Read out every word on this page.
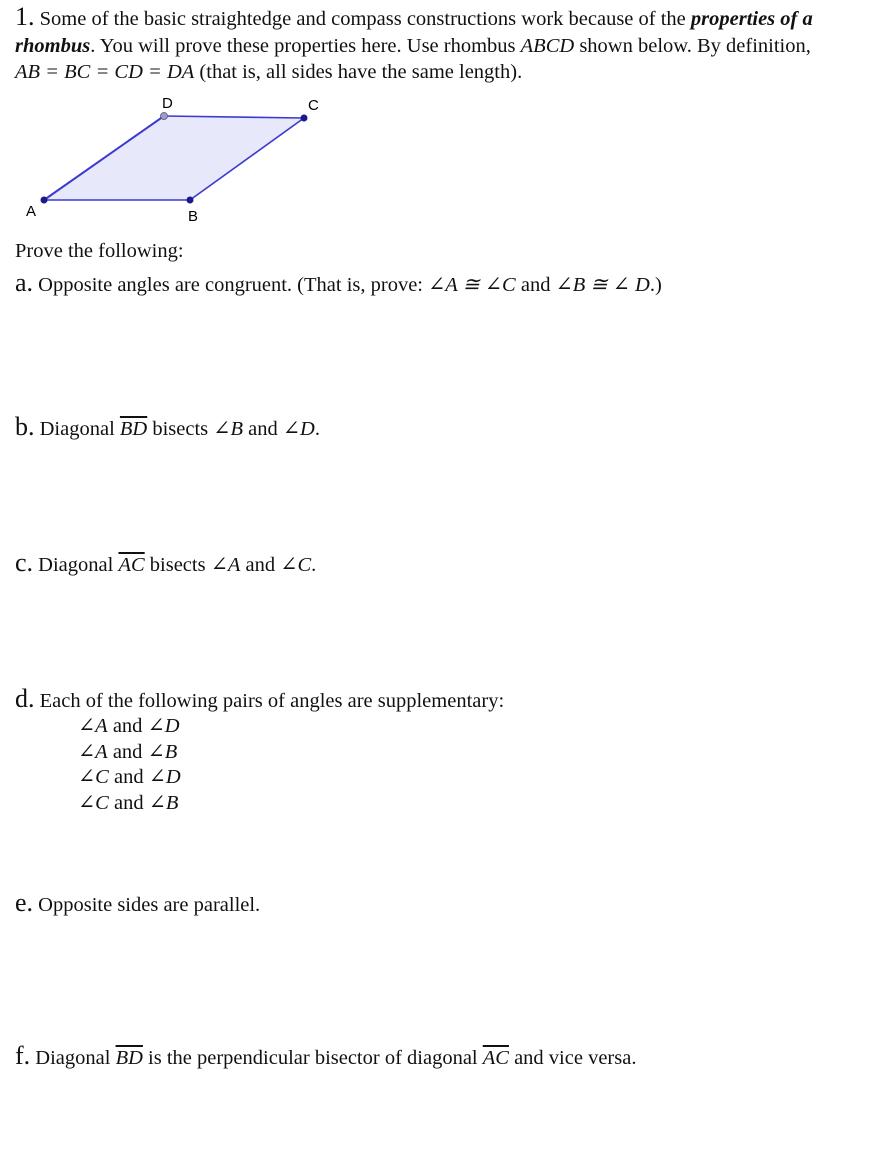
1. Some of the basic straightedge and compass constructions work because of the properties of a
rhombus. You will prove these properties here. Use rhombus ABCD shown below. By definition,
AB = BC = CD = DA (that is, all sides have the same length).
A	B
C
D
Prove the following:
a. Opposite angles are congruent. (That is, prove: ∠A ≅ ∠C and ∠B ≅ ∠ D.)
b. Diagonal $\overline{BD}$ bisects ∠B and ∠D.
c. Diagonal $\overline{AC}$ bisects ∠A and ∠C.
d. Each of the following pairs of angles are supplementary:
∠A and ∠D
∠A and ∠B
∠C and ∠D
∠C and ∠B
e. Opposite sides are parallel.
f. Diagonal $\overline{BD}$ is the perpendicular bisector of diagonal $\overline{AC}$ and vice versa.
